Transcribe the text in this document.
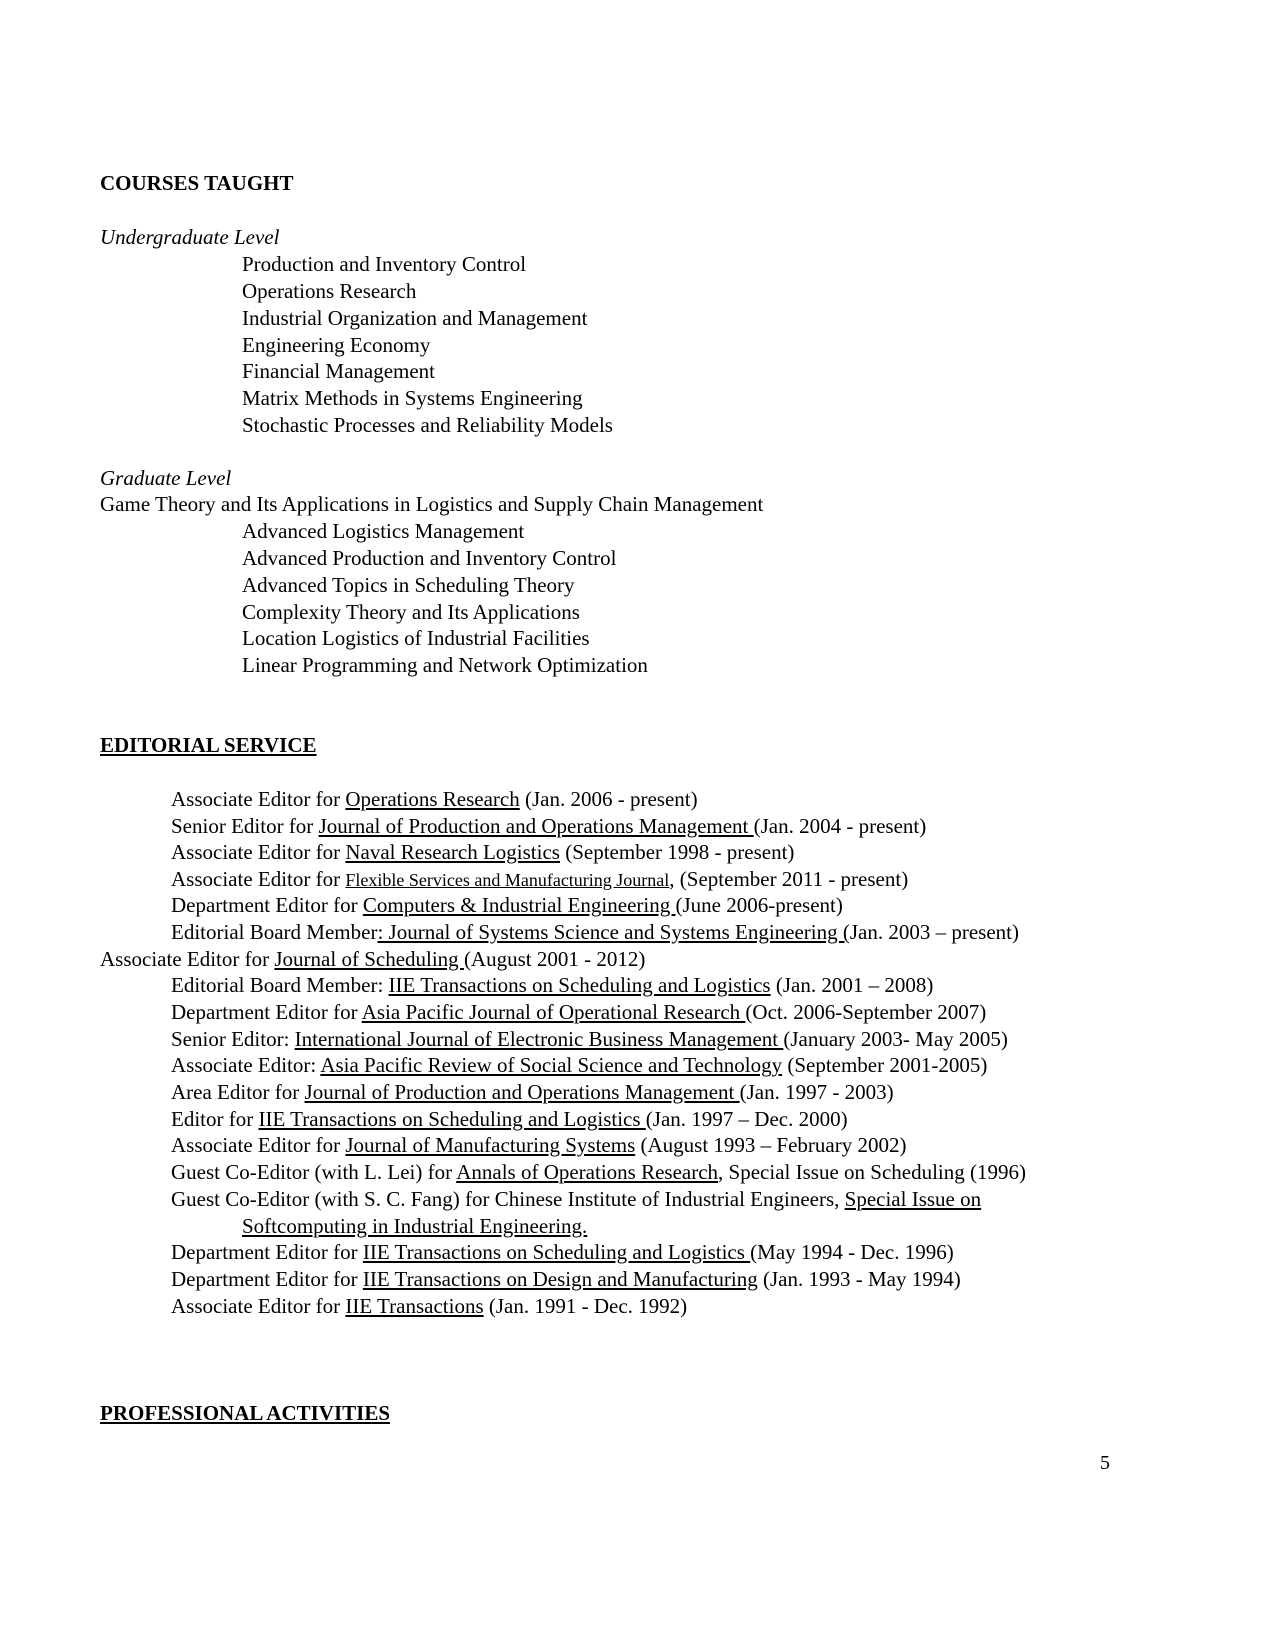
COURSES TAUGHT
Undergraduate Level
Production and Inventory Control
Operations Research
Industrial Organization and Management
Engineering Economy
Financial Management
Matrix Methods in Systems Engineering
Stochastic Processes and Reliability Models
Graduate Level
Game Theory and Its Applications in Logistics and Supply Chain Management
Advanced Logistics Management
Advanced Production and Inventory Control
Advanced Topics in Scheduling Theory
Complexity Theory and Its Applications
Location Logistics of Industrial Facilities
Linear Programming and Network Optimization
EDITORIAL SERVICE
Associate Editor for Operations Research (Jan. 2006 - present)
Senior Editor for Journal of Production and Operations Management (Jan. 2004 - present)
Associate Editor for Naval Research Logistics (September 1998 - present)
Associate Editor for Flexible Services and Manufacturing Journal, (September 2011 - present)
Department Editor for Computers & Industrial Engineering (June 2006-present)
Editorial Board Member: Journal of Systems Science and Systems Engineering (Jan. 2003 – present)
Associate Editor for Journal of Scheduling (August 2001 - 2012)
Editorial Board Member: IIE Transactions on Scheduling and Logistics (Jan. 2001 – 2008)
Department Editor for Asia Pacific Journal of Operational Research (Oct. 2006-September 2007)
Senior Editor: International Journal of Electronic Business Management (January 2003- May 2005)
Associate Editor: Asia Pacific Review of Social Science and Technology (September 2001-2005)
Area Editor for Journal of Production and Operations Management (Jan. 1997 - 2003)
Editor for IIE Transactions on Scheduling and Logistics (Jan. 1997 – Dec. 2000)
Associate Editor for Journal of Manufacturing Systems (August 1993 – February 2002)
Guest Co-Editor (with L. Lei) for Annals of Operations Research, Special Issue on Scheduling (1996)
Guest Co-Editor (with S. C. Fang) for Chinese Institute of Industrial Engineers, Special Issue on
Softcomputing in Industrial Engineering.
Department Editor for IIE Transactions on Scheduling and Logistics (May 1994 - Dec. 1996)
Department Editor for IIE Transactions on Design and Manufacturing (Jan. 1993 - May 1994)
Associate Editor for IIE Transactions (Jan. 1991 - Dec. 1992)
PROFESSIONAL ACTIVITIES
5
